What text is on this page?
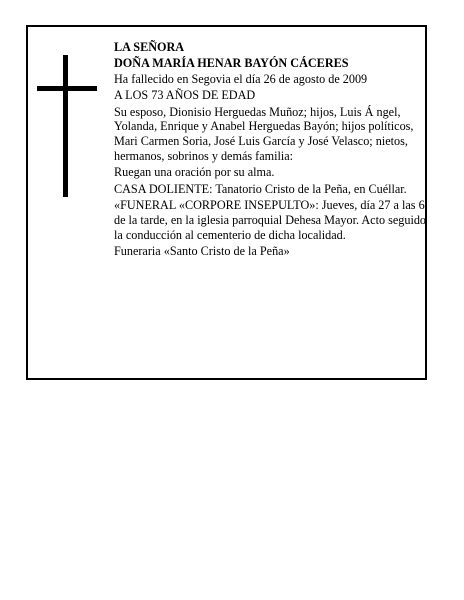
LA SEÑORA

DOÑA MARÍA HENAR BAYÓN CÁCERES

Ha fallecido en Segovia el día 26 de agosto de 2009

A LOS 73 AÑOS DE EDAD

Su esposo, Dionisio Herguedas Muñoz; hijos, Luis Á ngel, Yolanda, Enrique y Anabel Herguedas Bayón; hijos políticos, Mari Carmen Soria, José Luis García y José Velasco; nietos, hermanos, sobrinos y demás familia:

Ruegan una oración por su alma.

CASA DOLIENTE: Tanatorio Cristo de la Peña, en Cuéllar.

«FUNERAL «CORPORE INSEPULTO»: Jueves, día 27 a las 6 de la tarde, en la iglesia parroquial Dehesa Mayor. Acto seguido la conducción al cementerio de dicha localidad.

Funeraria «Santo Cristo de la Peña»
